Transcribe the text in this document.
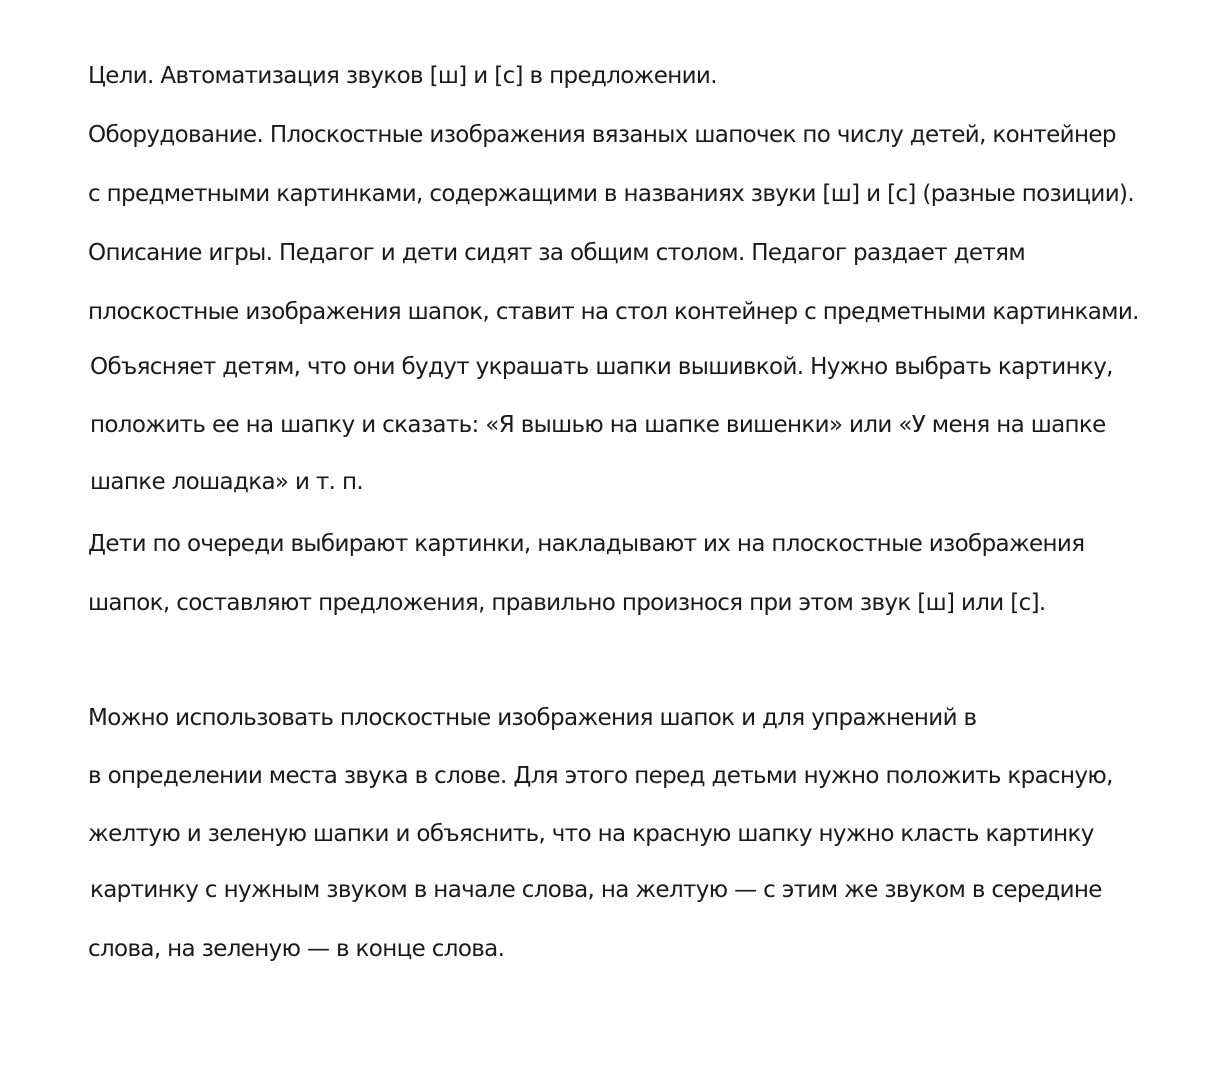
Цели. Автоматизация звуков [ш] и [с] в предложении.
Оборудование. Плоскостные изображения вязаных шапочек по числу детей, контейнер
с предметными картинками, содержащими в названиях звуки [ш] и [с] (разные позиции).
Описание игры. Педагог и дети сидят за общим столом. Педагог раздает детям
плоскостные изображения шапок, ставит на стол контейнер с предметными картинками.
Объясняет детям, что они будут украшать шапки вышивкой. Нужно выбрать картинку,
положить ее на шапку и сказать: «Я вышью на шапке вишенки» или «У меня на шапке
шапке лошадка» и т. п.
Дети по очереди выбирают картинки, накладывают их на плоскостные изображения
шапок, составляют предложения, правильно произнося при этом звук [ш] или [с].
Можно использовать плоскостные изображения шапок и для упражнений в
в определении места звука в слове. Для этого перед детьми нужно положить красную,
желтую и зеленую шапки и объяснить, что на красную шапку нужно класть картинку
картинку с нужным звуком в начале слова, на желтую — с этим же звуком в середине
слова, на зеленую — в конце слова.
